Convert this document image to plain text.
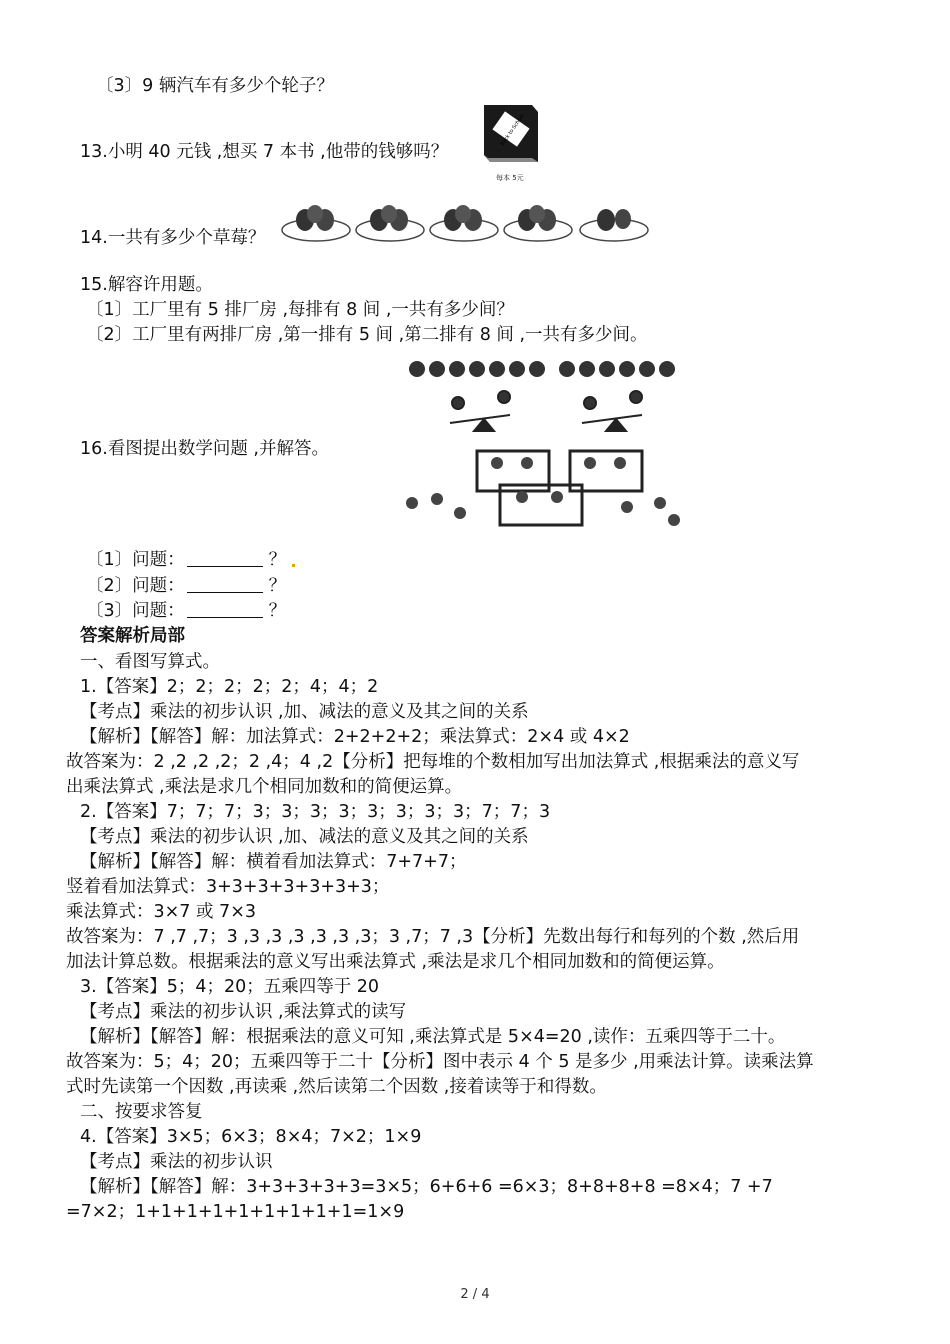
〔3〕9 辆汽车有多少个轮子？
13.小明 40 元钱 ,想买 7 本书 ,他带的钱够吗？
Back to School
每本 5元
14.一共有多少个草莓？
15.解容许用题。
〔1〕工厂里有 5 排厂房 ,每排有 8 间 ,一共有多少间？
〔2〕工厂里有两排厂房 ,第一排有 5 间 ,第二排有 8 间 ,一共有多少间。
16.看图提出数学问题 ,并解答。
〔1〕问题：	？
〔2〕问题：	？
〔3〕问题：	？
答案解析局部
一、看图写算式。
1.【答案】2；2；2；2；2；4；4；2
【考点】乘法的初步认识 ,加、减法的意义及其之间的关系
【解析】【解答】解：加法算式：2+2+2+2；乘法算式：2×4 或 4×2
故答案为：2 ,2 ,2 ,2；2 ,4；4 ,2【分析】把每堆的个数相加写出加法算式 ,根据乘法的意义写
出乘法算式 ,乘法是求几个相同加数和的简便运算。
2.【答案】7；7；7；3；3；3；3；3；3；3；3；7；7；3
【考点】乘法的初步认识 ,加、减法的意义及其之间的关系
【解析】【解答】解：横着看加法算式：7+7+7；
竖着看加法算式：3+3+3+3+3+3+3；
乘法算式：3×7 或 7×3
故答案为：7 ,7 ,7；3 ,3 ,3 ,3 ,3 ,3 ,3；3 ,7；7 ,3【分析】先数出每行和每列的个数 ,然后用
加法计算总数。根据乘法的意义写出乘法算式 ,乘法是求几个相同加数和的简便运算。
3.【答案】5；4；20；五乘四等于 20
【考点】乘法的初步认识 ,乘法算式的读写
【解析】【解答】解：根据乘法的意义可知 ,乘法算式是 5×4=20 ,读作：五乘四等于二十。
故答案为：5；4；20；五乘四等于二十【分析】图中表示 4 个 5 是多少 ,用乘法计算。读乘法算
式时先读第一个因数 ,再读乘 ,然后读第二个因数 ,接着读等于和得数。
二、按要求答复
4.【答案】3×5；6×3；8×4；7×2；1×9
【考点】乘法的初步认识
【解析】【解答】解：3+3+3+3+3=3×5；6+6+6 =6×3；8+8+8+8 =8×4；7 +7
=7×2；1+1+1+1+1+1+1+1+1=1×9
2 / 4
